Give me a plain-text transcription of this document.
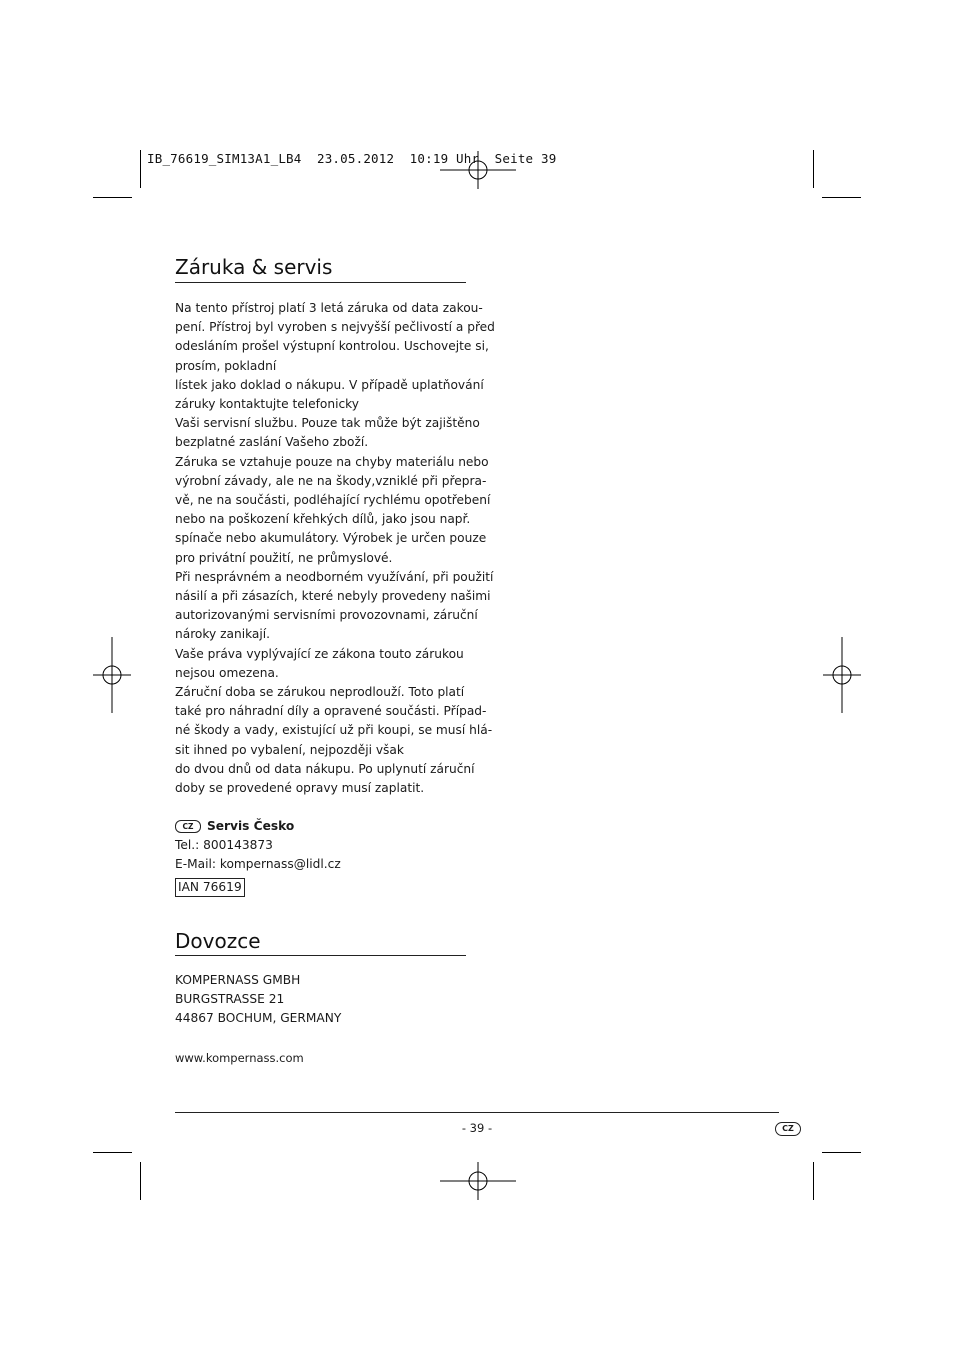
IB_76619_SIM13A1_LB4  23.05.2012  10:19 Uhr  Seite 39
Záruka & servis
Na tento přístroj platí 3 letá záruka od data zakou-
pení. Přístroj byl vyroben s nejvyšší pečlivostí a před
odesláním prošel výstupní kontrolou. Uschovejte si,
prosím, pokladní
lístek jako doklad o nákupu. V případě uplatňování
záruky kontaktujte telefonicky
Vaši servisní službu. Pouze tak může být zajištěno
bezplatné zaslání Vašeho zboží.
Záruka se vztahuje pouze na chyby materiálu nebo
výrobní závady, ale ne na škody,vzniklé při přepra-
vě, ne na součásti, podléhající rychlému opotřebení
nebo na poškození křehkých dílů, jako jsou např.
spínače nebo akumulátory. Výrobek je určen pouze
pro privátní použití, ne průmyslové.
Při nesprávném a neodborném využívání, při použití
násilí a při zásazích, které nebyly provedeny našimi
autorizovanými servisními provozovnami, záruční
nároky zanikají.
Vaše práva vyplývající ze zákona touto zárukou
nejsou omezena.
Záruční doba se zárukou neprodlouží. Toto platí
také pro náhradní díly a opravené součásti. Případ-
né škody a vady, existující už při koupi, se musí hlá-
sit ihned po vybalení, nejpozději však
do dvou dnů od data nákupu. Po uplynutí záruční
doby se provedené opravy musí zaplatit.
CZ Servis Česko
Tel.: 800143873
E-Mail: kompernass@lidl.cz
IAN 76619
Dovozce
KOMPERNASS GMBH
BURGSTRASSE 21
44867 BOCHUM, GERMANY
www.kompernass.com
- 39 -	CZ
